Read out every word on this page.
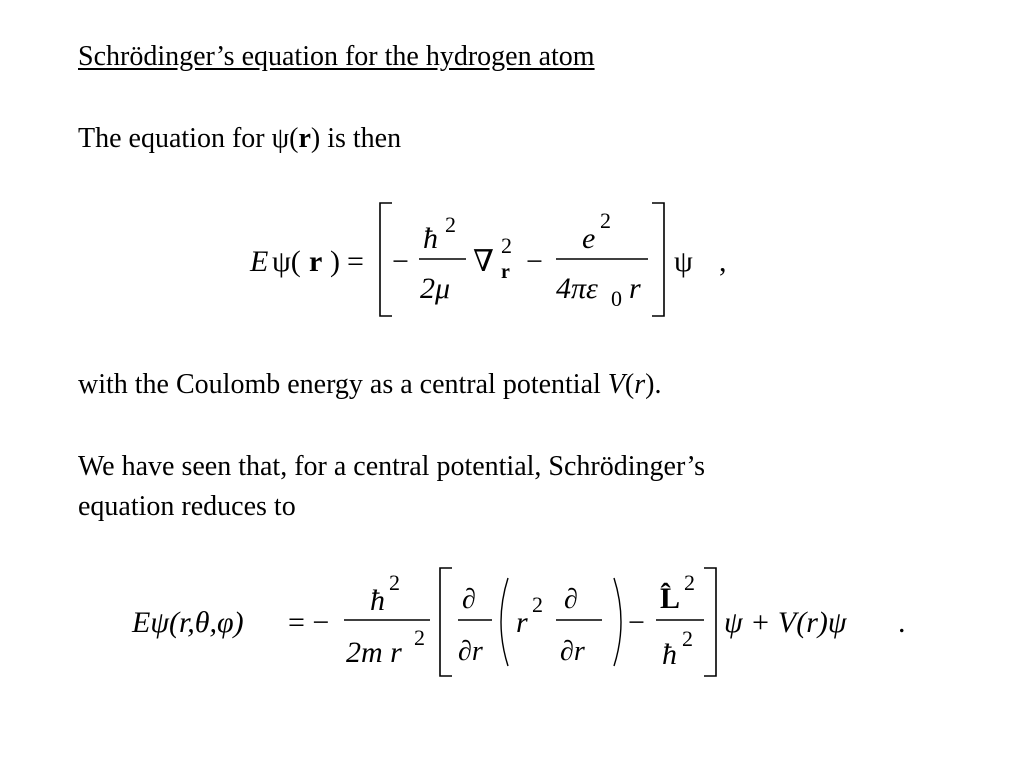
Schrödinger’s equation for the hydrogen atom
The equation for ψ(r) is then
E ψ( r ) = −
ħ 2
2μ
∇ 2
r −
e
2
4πε 0 r
ψ ,
with the Coulomb energy as a central potential V(r).
We have seen that, for a central potential, Schrödinger’s
equation reduces to
Eψ(r,θ,φ) = −
ħ
2
2m r 2
∂
∂r
r
2 ∂
∂r
−
L̂ 2
ħ 2 ψ + V(r)ψ .
